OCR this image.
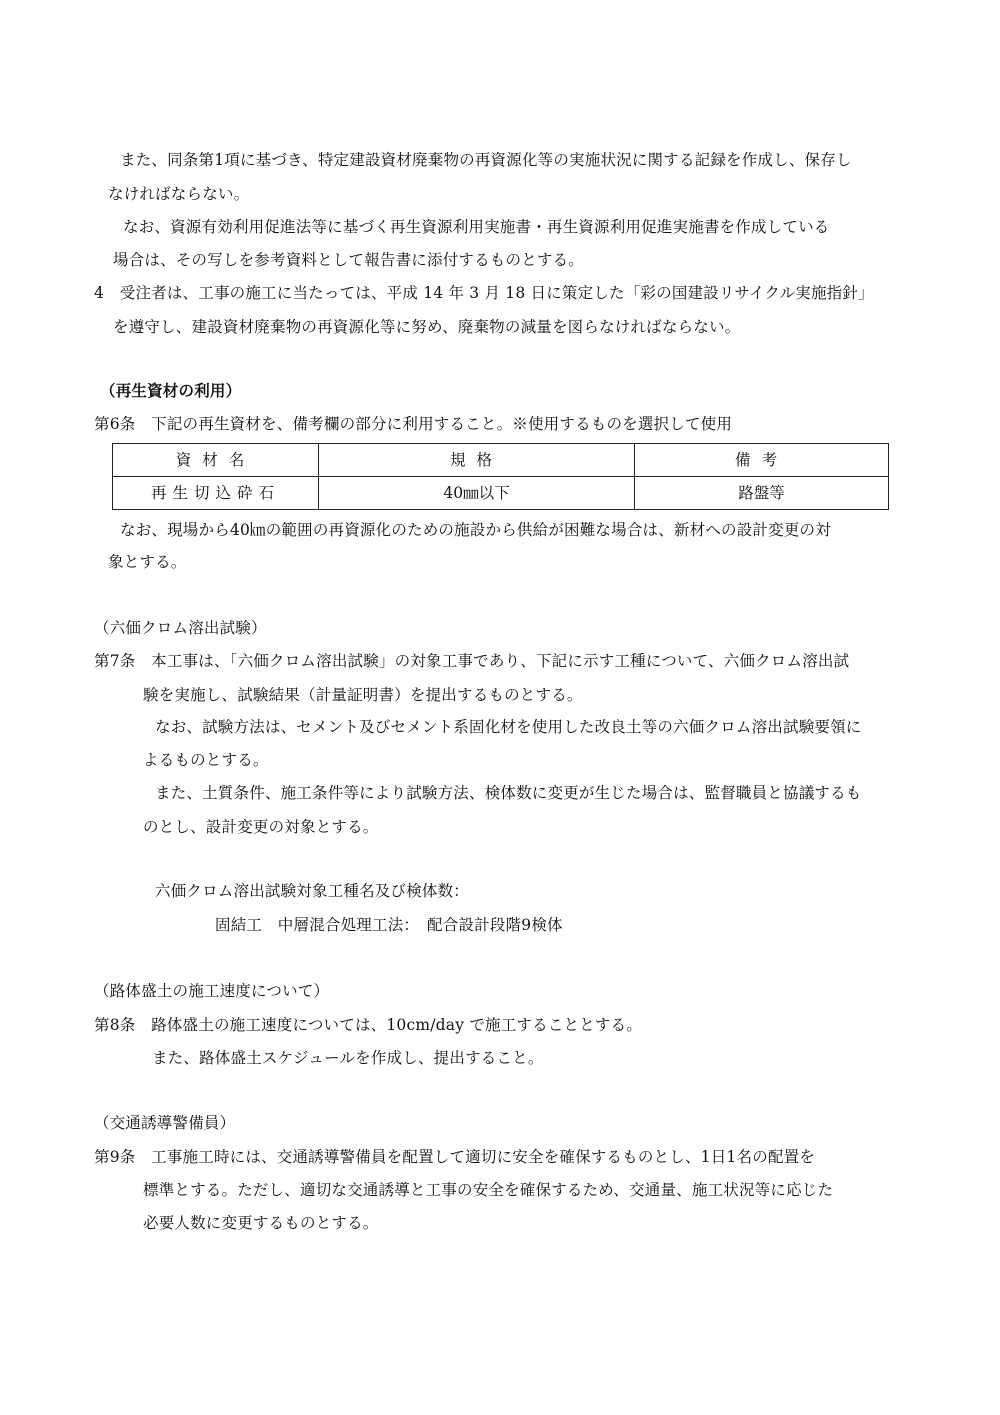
また、同条第1項に基づき、特定建設資材廃棄物の再資源化等の実施状況に関する記録を作成し、保存し
なければならない。
なお、資源有効利用促進法等に基づく再生資源利用実施書・再生資源利用促進実施書を作成している
場合は、その写しを参考資料として報告書に添付するものとする。
4　受注者は、工事の施工に当たっては、平成 14 年 3 月 18 日に策定した「彩の国建設リサイクル実施指針」
を遵守し、建設資材廃棄物の再資源化等に努め、廃棄物の減量を図らなければならない。
（再生資材の利用）
第6条　下記の再生資材を、備考欄の部分に利用すること。※使用するものを選択して使用
資材名	規格	備考
再生切込砕石	40㎜以下	路盤等
なお、現場から40㎞の範囲の再資源化のための施設から供給が困難な場合は、新材への設計変更の対
象とする。
（六価クロム溶出試験）
第7条　本工事は、「六価クロム溶出試験」の対象工事であり、下記に示す工種について、六価クロム溶出試
験を実施し、試験結果（計量証明書）を提出するものとする。
なお、試験方法は、セメント及びセメント系固化材を使用した改良土等の六価クロム溶出試験要領に
よるものとする。
また、土質条件、施工条件等により試験方法、検体数に変更が生じた場合は、監督職員と協議するも
のとし、設計変更の対象とする。
六価クロム溶出試験対象工種名及び検体数：
固結工　中層混合処理工法：　配合設計段階9検体
（路体盛土の施工速度について）
第8条　路体盛土の施工速度については、10cm/day で施工することとする。
また、路体盛土スケジュールを作成し、提出すること。
（交通誘導警備員）
第9条　工事施工時には、交通誘導警備員を配置して適切に安全を確保するものとし、1日1名の配置を
標準とする。ただし、適切な交通誘導と工事の安全を確保するため、交通量、施工状況等に応じた
必要人数に変更するものとする。
